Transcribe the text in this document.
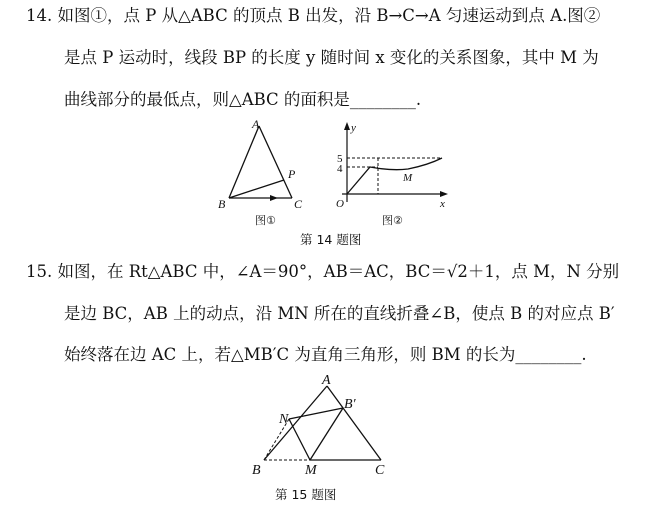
14. 如图①，点 P 从△ABC 的顶点 B 出发，沿 B→C→A 匀速运动到点 A.图②
是点 P 运动时，线段 BP 的长度 y 随时间 x 变化的关系图象，其中 M 为
曲线部分的最低点，则△ABC 的面积是________.
A
B	C
P
图①
y
x
O
5
4
M
图②
第 14 题图
15. 如图，在 Rt△ABC 中，∠A＝90°，AB＝AC，BC＝√2＋1，点 M，N 分别
是边 BC，AB 上的动点，沿 MN 所在的直线折叠∠B，使点 B 的对应点 B′
始终落在边 AC 上，若△MB′C 为直角三角形，则 BM 的长为________.
A
B′
N
B	M	C
第 15 题图
